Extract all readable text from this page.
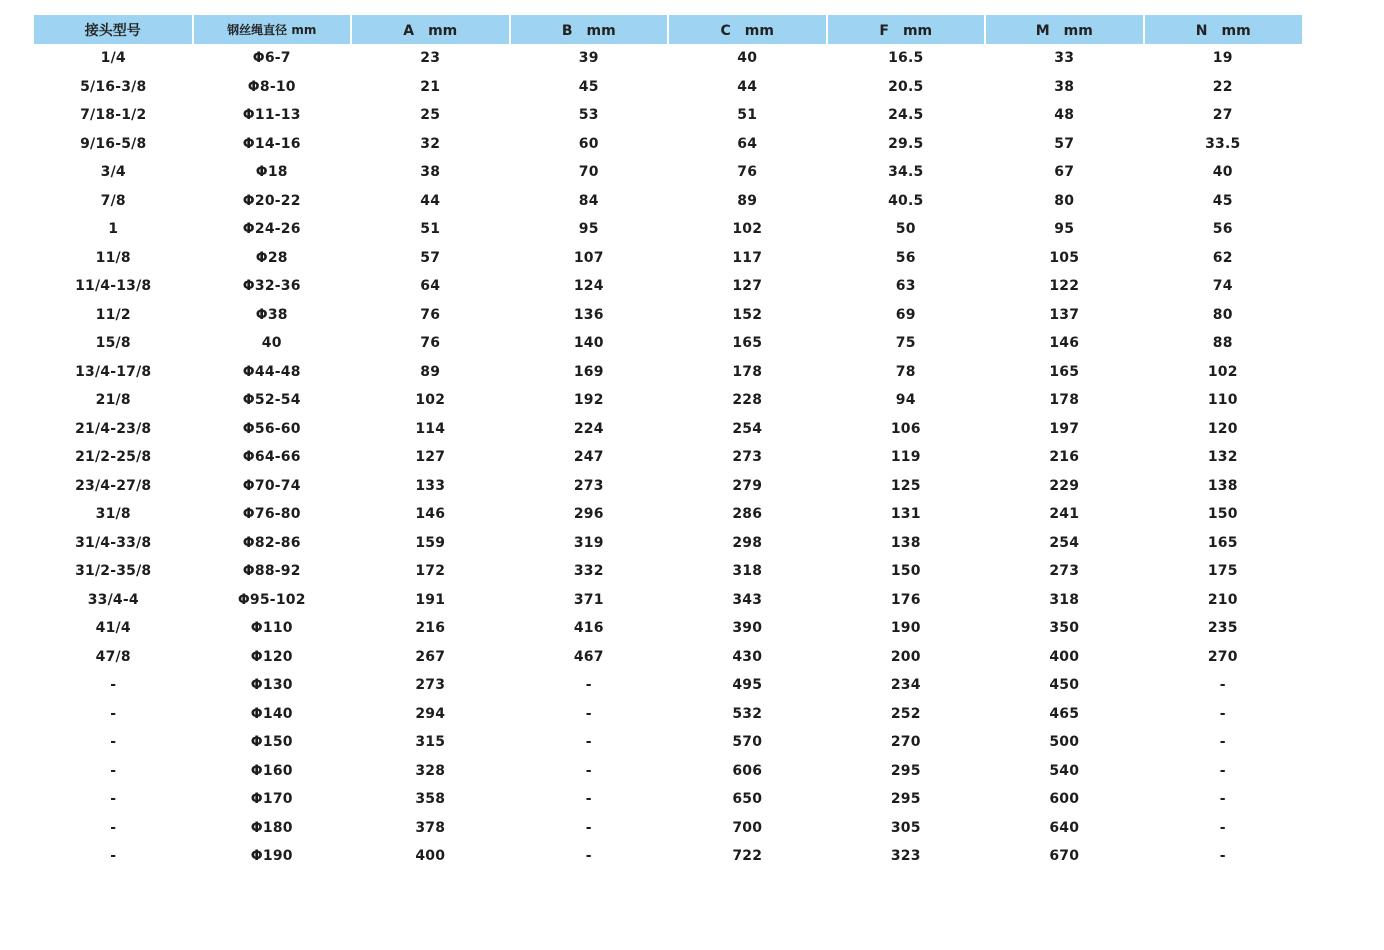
接头型号	钢丝绳直径 mm	A　mm	B　mm	C　mm	F　mm	M　mm	N　mm
1/4	Φ6-7	23	39	40	16.5	33	19
5/16-3/8	Φ8-10	21	45	44	20.5	38	22
7/18-1/2	Φ11-13	25	53	51	24.5	48	27
9/16-5/8	Φ14-16	32	60	64	29.5	57	33.5
3/4	Φ18	38	70	76	34.5	67	40
7/8	Φ20-22	44	84	89	40.5	80	45
1	Φ24-26	51	95	102	50	95	56
11/8	Φ28	57	107	117	56	105	62
11/4-13/8	Φ32-36	64	124	127	63	122	74
11/2	Φ38	76	136	152	69	137	80
15/8	40	76	140	165	75	146	88
13/4-17/8	Φ44-48	89	169	178	78	165	102
21/8	Φ52-54	102	192	228	94	178	110
21/4-23/8	Φ56-60	114	224	254	106	197	120
21/2-25/8	Φ64-66	127	247	273	119	216	132
23/4-27/8	Φ70-74	133	273	279	125	229	138
31/8	Φ76-80	146	296	286	131	241	150
31/4-33/8	Φ82-86	159	319	298	138	254	165
31/2-35/8	Φ88-92	172	332	318	150	273	175
33/4-4	Φ95-102	191	371	343	176	318	210
41/4	Φ110	216	416	390	190	350	235
47/8	Φ120	267	467	430	200	400	270
-	Φ130	273	-	495	234	450	-
-	Φ140	294	-	532	252	465	-
-	Φ150	315	-	570	270	500	-
-	Φ160	328	-	606	295	540	-
-	Φ170	358	-	650	295	600	-
-	Φ180	378	-	700	305	640	-
-	Φ190	400	-	722	323	670	-
